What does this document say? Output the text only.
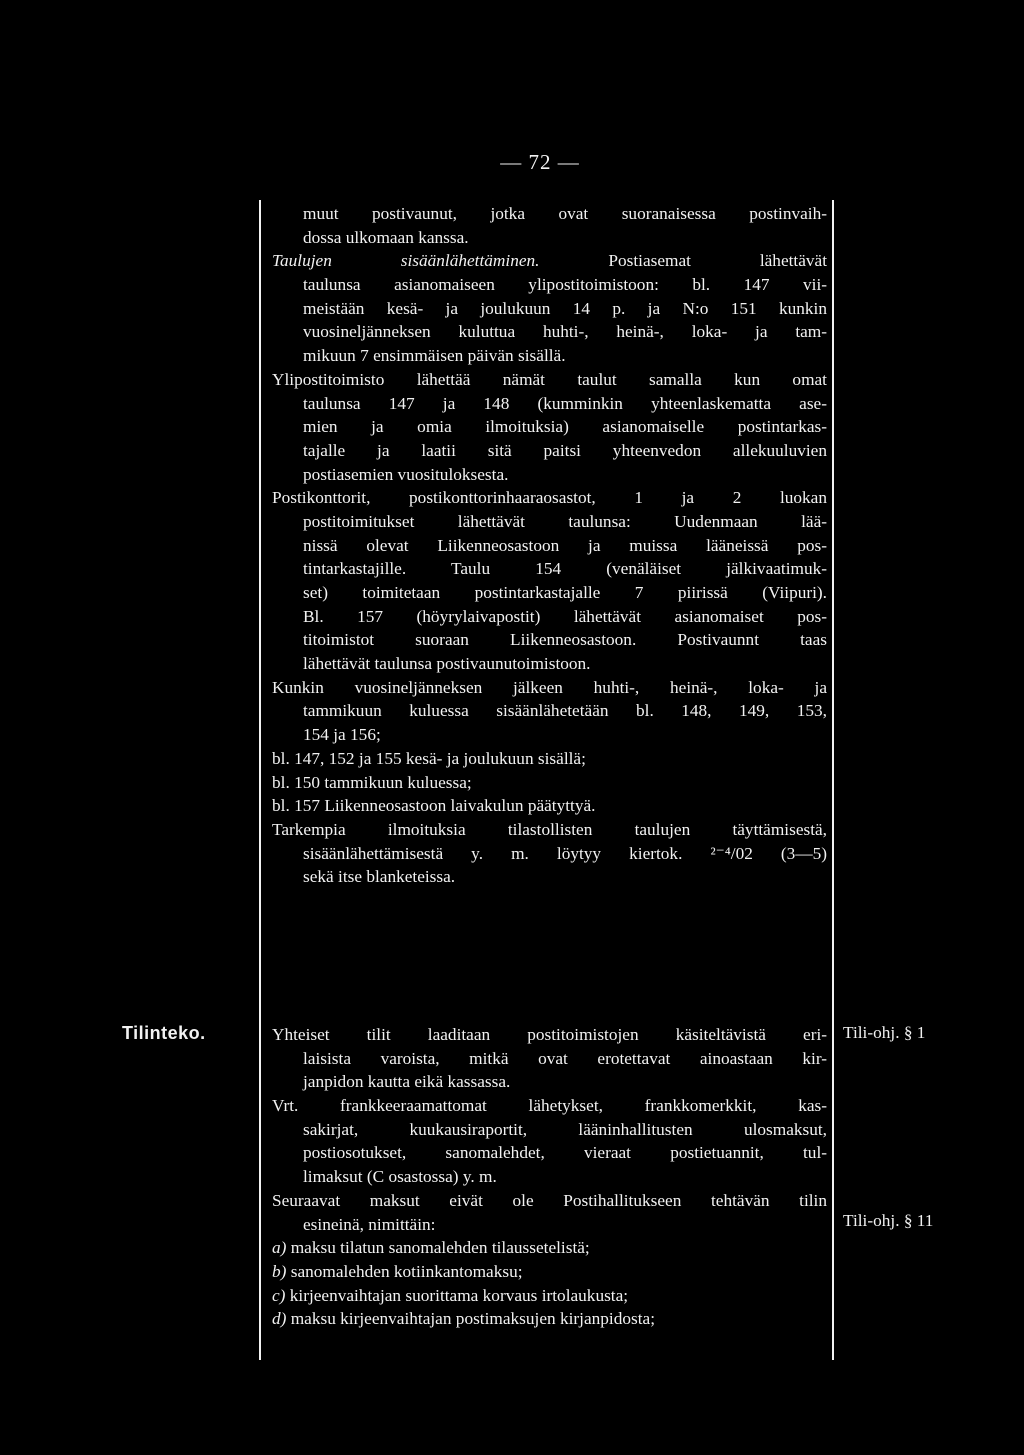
— 72 —
muut postivaunut, jotka ovat suoranaisessa postinvaih-
dossa ulkomaan kanssa.
Taulujen sisäänlähettäminen. Postiasemat lähettävät
taulunsa asianomaiseen ylipostitoimistoon: bl. 147 vii-
meistään kesä- ja joulukuun 14 p. ja N:o 151 kunkin
vuosineljänneksen kuluttua huhti-, heinä-, loka- ja tam-
mikuun 7 ensimmäisen päivän sisällä.
Ylipostitoimisto lähettää nämät taulut samalla kun omat
taulunsa 147 ja 148 (kumminkin yhteenlaskematta ase-
mien ja omia ilmoituksia) asianomaiselle postintarkas-
tajalle ja laatii sitä paitsi yhteenvedon allekuuluvien
postiasemien vuosituloksesta.
Postikonttorit, postikonttorinhaaraosastot, 1 ja 2 luokan
postitoimitukset lähettävät taulunsa: Uudenmaan lää-
nissä olevat Liikenneosastoon ja muissa lääneissä pos-
tintarkastajille. Taulu 154 (venäläiset jälkivaatimuk-
set) toimitetaan postintarkastajalle 7 piirissä (Viipuri).
Bl. 157 (höyrylaivapostit) lähettävät asianomaiset pos-
titoimistot suoraan Liikenneosastoon. Postivaunnt taas
lähettävät taulunsa postivaunutoimistoon.
Kunkin vuosineljänneksen jälkeen huhti-, heinä-, loka- ja
tammikuun kuluessa sisäänlähetetään bl. 148, 149, 153,
154 ja 156;
bl. 147, 152 ja 155 kesä- ja joulukuun sisällä;
bl. 150 tammikuun kuluessa;
bl. 157 Liikenneosastoon laivakulun päätyttyä.
Tarkempia ilmoituksia tilastollisten taulujen täyttämisestä,
sisäänlähettämisestä y. m. löytyy kiertok. ²⁻⁴/02 (3—5)
sekä itse blanketeissa.
Tilinteko.	Yhteiset tilit laaditaan postitoimistojen käsiteltävistä eri-
laisista varoista, mitkä ovat erotettavat ainoastaan kir-
janpidon kautta eikä kassassa.
Vrt. frankkeeraamattomat lähetykset, frankkomerkkit, kas-
sakirjat, kuukausiraportit, lääninhallitusten ulosmaksut,
postiosotukset, sanomalehdet, vieraat postietuannit, tul-
limaksut (C osastossa) y. m.
Seuraavat maksut eivät ole Postihallitukseen tehtävän tilin
esineinä, nimittäin:
a) maksu tilatun sanomalehden tilaussetelistä;
b) sanomalehden kotiinkantomaksu;
c) kirjeenvaihtajan suorittama korvaus irtolaukusta;
d) maksu kirjeenvaihtajan postimaksujen kirjanpidosta;
Tili-ohj. § 1
Tili-ohj. § 11
